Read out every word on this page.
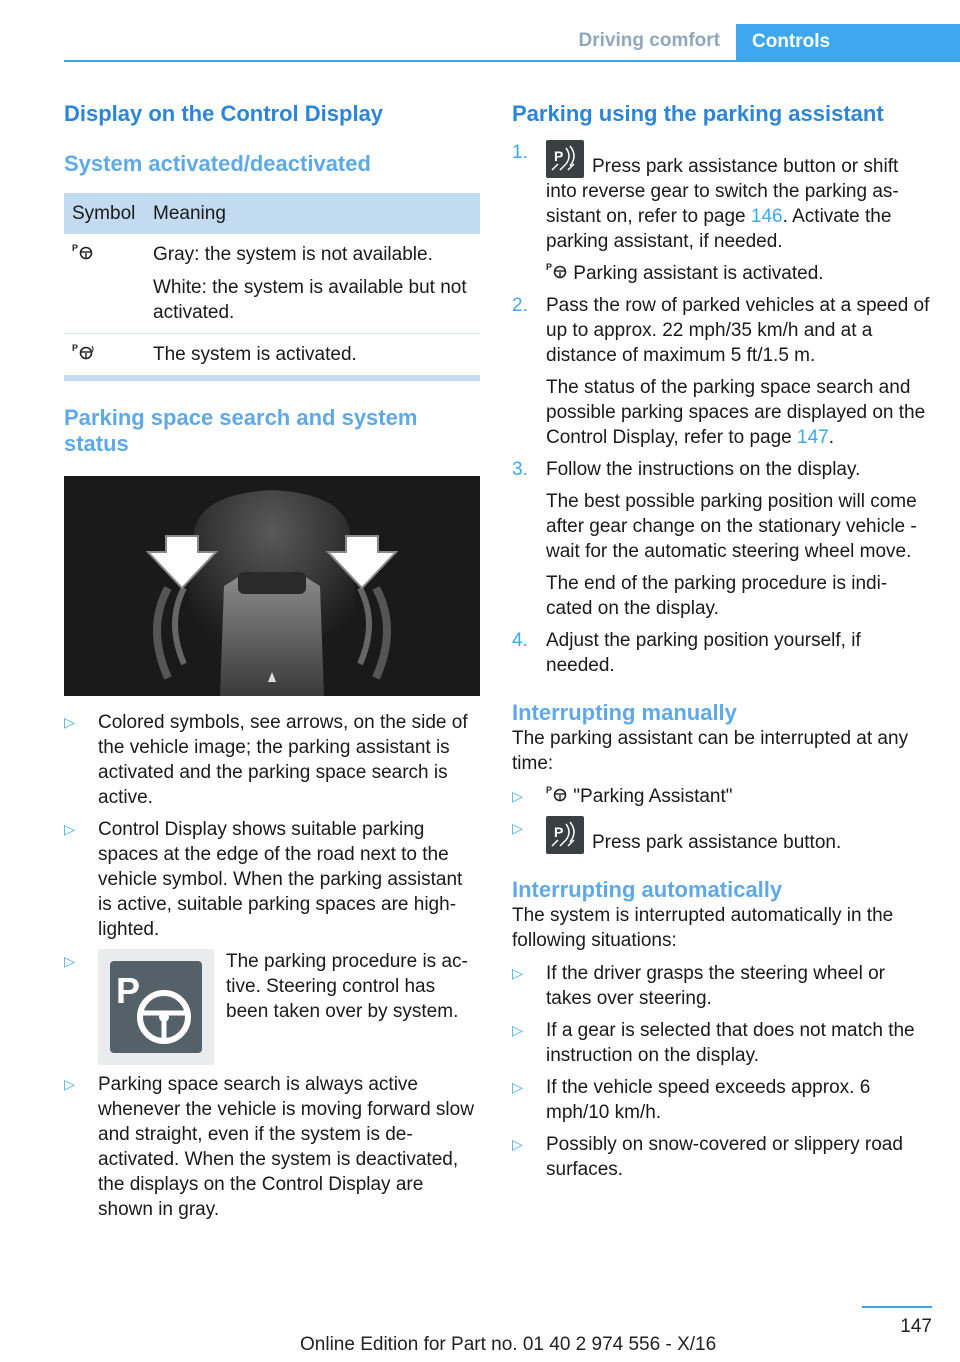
Driving comfort	Controls
Display on the Control Display
System activated/deactivated
Symbol	Meaning

P	Gray: the system is not available.

White: the system is available but not activated.

P	The system is activated.

Parking space search and system status
▷ Colored symbols, see arrows, on the side of the vehicle image; the parking assistant is activated and the parking space search is active.
▷ Control Display shows suitable parking spaces at the edge of the road next to the vehicle symbol. When the parking assistant is active, suitable parking spaces are high‐lighted.
▷ P
The parking procedure is ac‐tive. Steering control has been taken over by system.
▷ Parking space search is always active whenever the vehicle is moving forward slow and straight, even if the system is de‐activated. When the system is deactivated, the displays on the Control Display are shown in gray.
Parking using the parking assistant
1. P Press park assistance button or shift into reverse gear to switch the parking as‐sistant on, refer to page 146. Activate the parking assistant, if needed.

P Parking assistant is activated.

2. Pass the row of parked vehicles at a speed of up to approx. 22 mph/35 km/h and at a distance of maximum 5 ft/1.5 m.

The status of the parking space search and possible parking spaces are displayed on the Control Display, refer to page 147.

3. Follow the instructions on the display.

The best possible parking position will come after gear change on the stationary vehicle - wait for the automatic steering wheel move.

The end of the parking procedure is indi‐cated on the display.

4. Adjust the parking position yourself, if needed.

Interrupting manually

The parking assistant can be interrupted at any time:

▷ P "Parking Assistant"
▷ P Press park assistance button.
Interrupting automatically

The system is interrupted automatically in the following situations:

▷ If the driver grasps the steering wheel or takes over steering.
▷ If a gear is selected that does not match the instruction on the display.
▷ If the vehicle speed exceeds approx. 6 mph/10 km/h.
▷ Possibly on snow-covered or slippery road surfaces.
147
Online Edition for Part no. 01 40 2 974 556 - X/16
